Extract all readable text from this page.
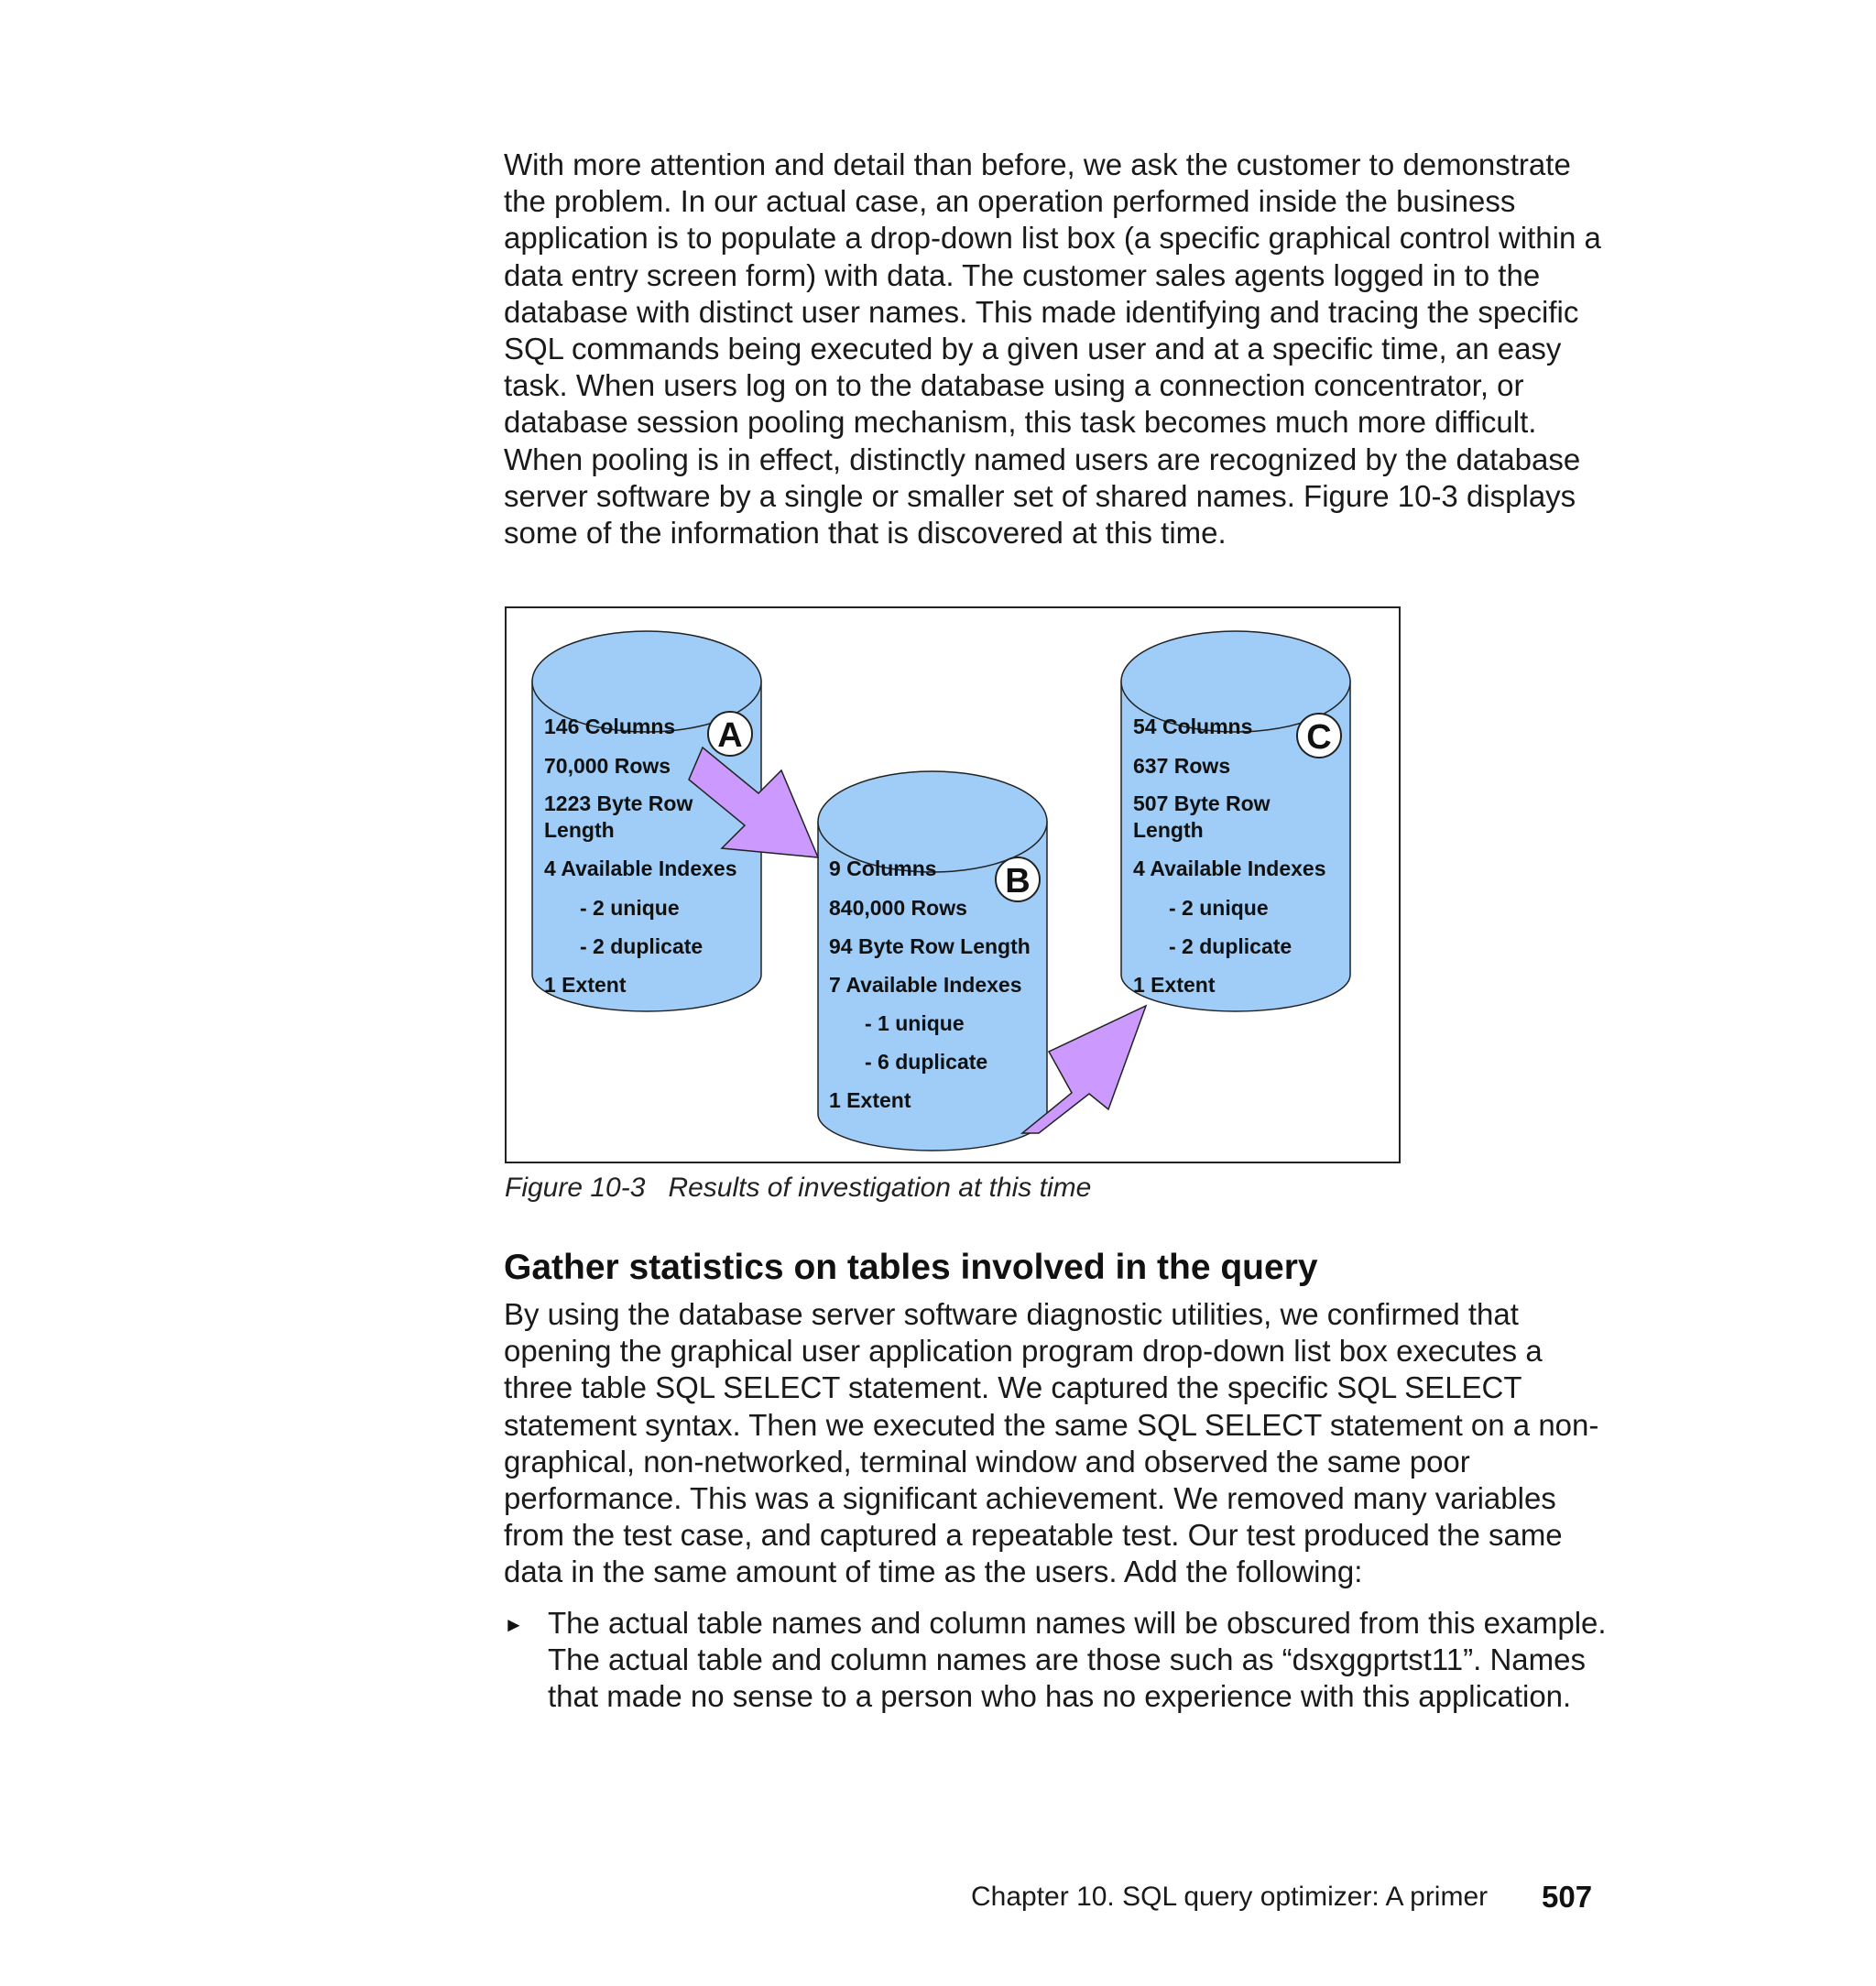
With more attention and detail than before, we ask the customer to demonstrate the problem. In our actual case, an operation performed inside the business application is to populate a drop-down list box (a specific graphical control within a data entry screen form) with data. The customer sales agents logged in to the database with distinct user names. This made identifying and tracing the specific SQL commands being executed by a given user and at a specific time, an easy task. When users log on to the database using a connection concentrator, or database session pooling mechanism, this task becomes much more difficult. When pooling is in effect, distinctly named users are recognized by the database server software by a single or smaller set of shared names. Figure 10-3 displays some of the information that is discovered at this time.

146 Columns
70,000 Rows
1223 Byte Row
Length
4 Available Indexes
- 2 unique
- 2 duplicate
1 Extent
A	54 Columns
637 Rows
507 Byte Row
Length
4 Available Indexes
- 2 unique
- 2 duplicate
1 Extent
C
9 Columns
840,000 Rows
94 Byte Row Length
7 Available Indexes
- 1 unique
- 6 duplicate
1 Extent
B
Figure 10-3 Results of investigation at this time
Gather statistics on tables involved in the query

By using the database server software diagnostic utilities, we confirmed that opening the graphical user application program drop-down list box executes a three table SQL SELECT statement. We captured the specific SQL SELECT statement syntax. Then we executed the same SQL SELECT statement on a non-graphical, non-networked, terminal window and observed the same poor performance. This was a significant achievement. We removed many variables from the test case, and captured a repeatable test. Our test produced the same data in the same amount of time as the users. Add the following:

► The actual table names and column names will be obscured from this example. The actual table and column names are those such as “dsxggprtst11”. Names that made no sense to a person who has no experience with this application.

Chapter 10. SQL query optimizer: A primer 507
